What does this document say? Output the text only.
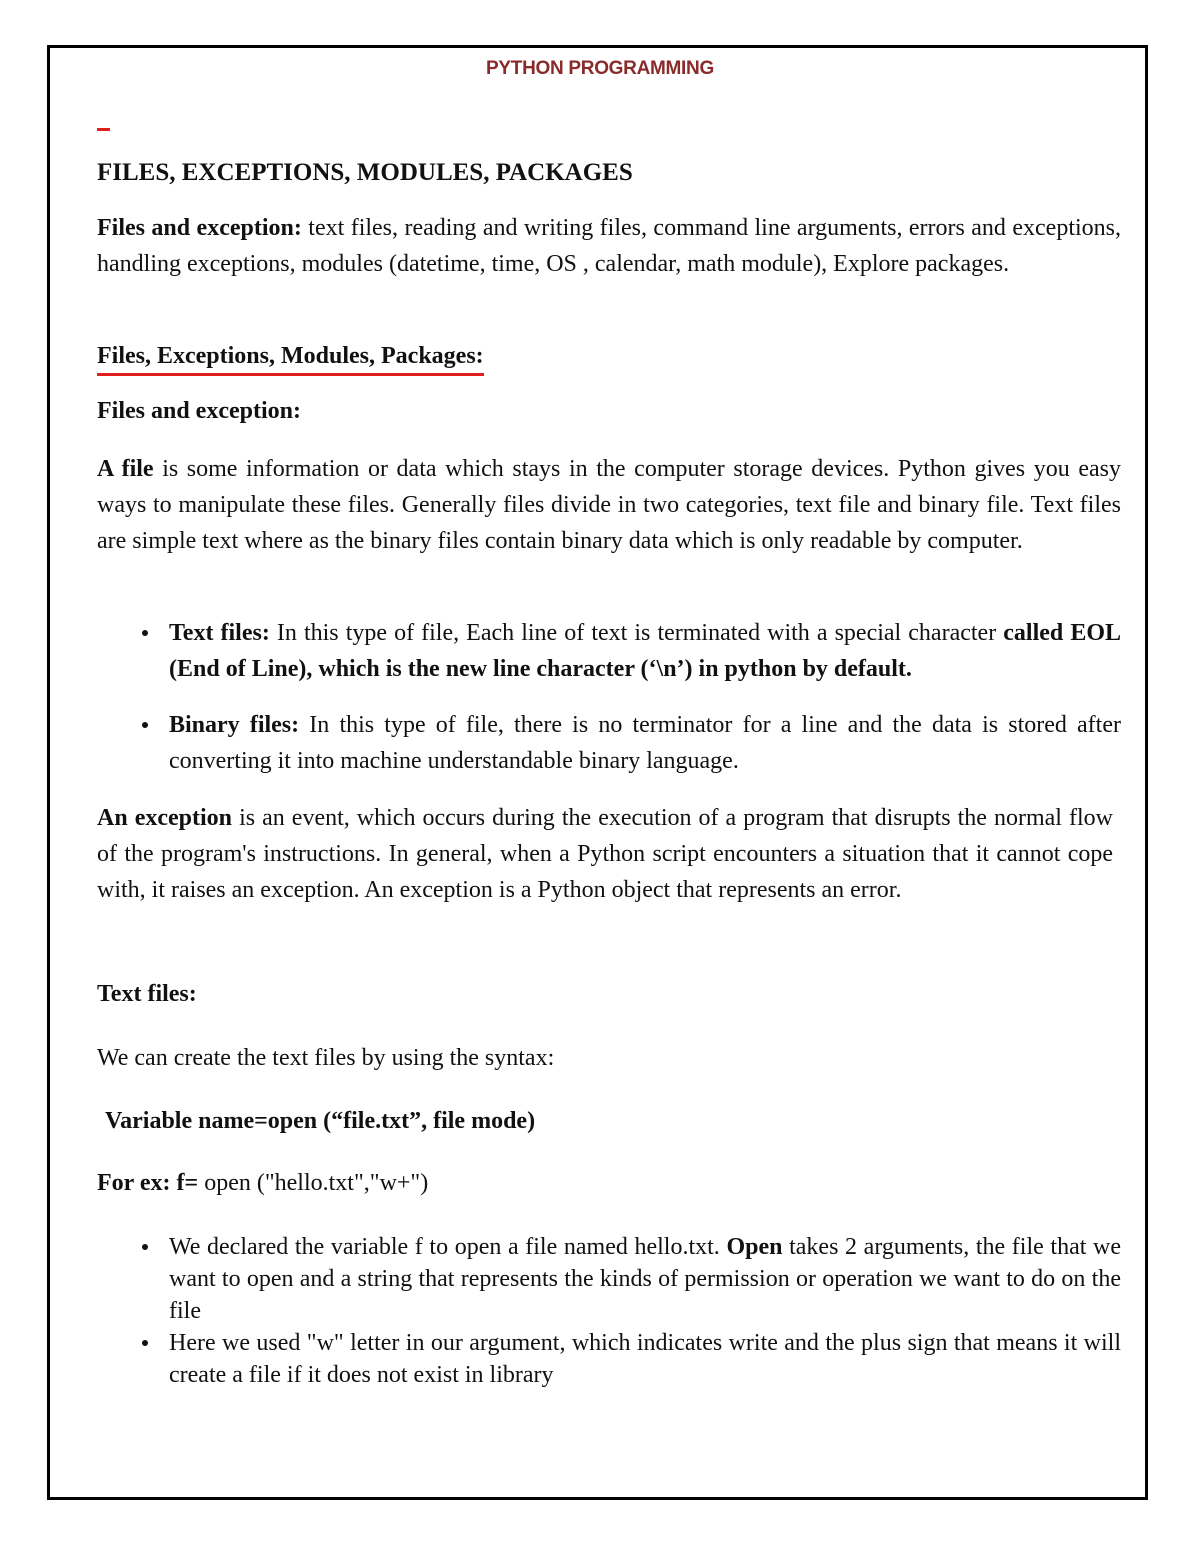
PYTHON PROGRAMMING

FILES, EXCEPTIONS, MODULES, PACKAGES

Files and exception: text files, reading and writing files, command line arguments, errors and exceptions, handling exceptions, modules (datetime, time, OS , calendar, math module), Explore packages.

Files, Exceptions, Modules, Packages:

Files and exception:

A file is some information or data which stays in the computer storage devices. Python gives you easy ways to manipulate these files. Generally files divide in two categories, text file and binary file. Text files are simple text where as the binary files contain binary data which is only readable by computer.

Text files: In this type of file, Each line of text is terminated with a special character called EOL (End of Line), which is the new line character (‘\n’) in python by default.
Binary files: In this type of file, there is no terminator for a line and the data is stored after converting it into machine understandable binary language.

An exception is an event, which occurs during the execution of a program that disrupts the normal flow of the program's instructions. In general, when a Python script encounters a situation that it cannot cope with, it raises an exception. An exception is a Python object that represents an error.

Text files:

We can create the text files by using the syntax:

Variable name=open (“file.txt”, file mode)

For ex: f= open ("hello.txt","w+")

We declared the variable f to open a file named hello.txt. Open takes 2 arguments, the file that we want to open and a string that represents the kinds of permission or operation we want to do on the file
Here we used "w" letter in our argument, which indicates write and the plus sign that means it will create a file if it does not exist in library
